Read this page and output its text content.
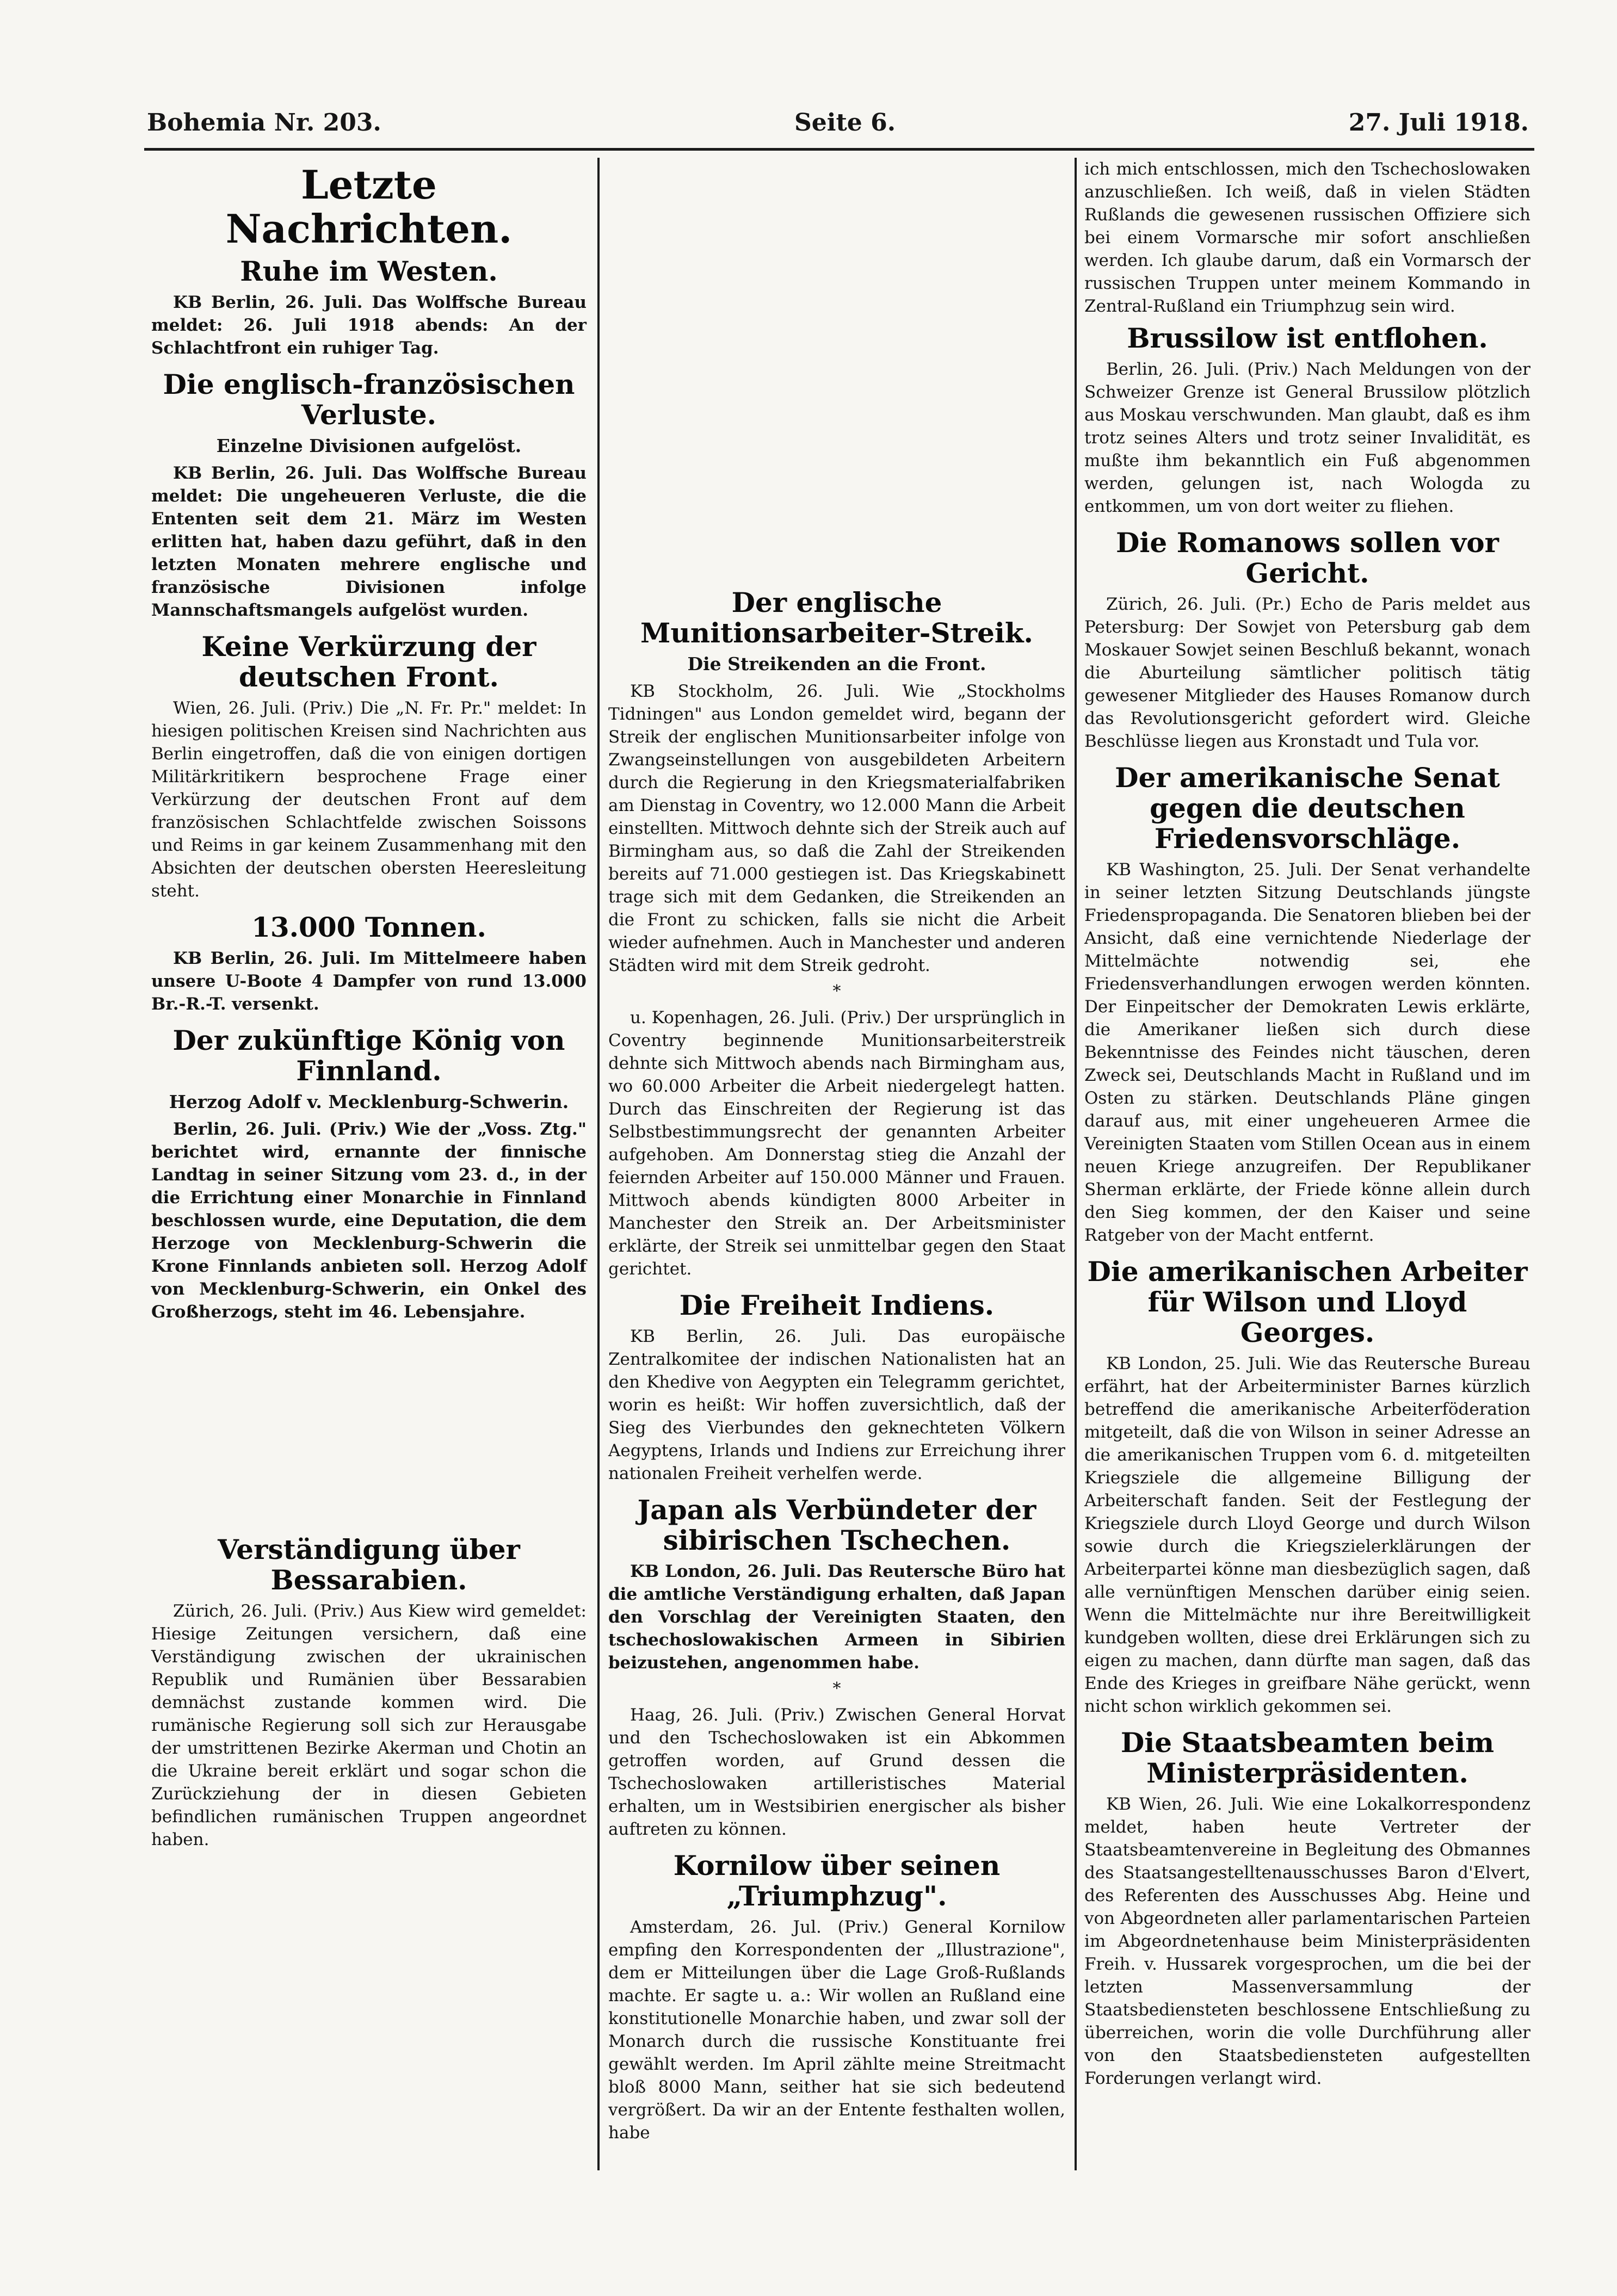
Bohemia Nr. 203.	Seite 6.	27. Juli 1918.
Letzte Nachrichten.
Ruhe im Westen.

KB Berlin, 26. Juli. Das Wolffsche Bureau meldet: 26. Juli 1918 abends: An der Schlachtfront ein ruhiger Tag.

Die englisch-französischen Verluste.
Einzelne Divisionen aufgelöst.

KB Berlin, 26. Juli. Das Wolffsche Bureau meldet: Die ungeheueren Verluste, die die Ententen seit dem 21. März im Westen erlitten hat, haben dazu geführt, daß in den letzten Monaten mehrere englische und französische Divisionen infolge Mannschaftsmangels aufgelöst wurden.

Keine Verkürzung der deutschen Front.

Wien, 26. Juli. (Priv.) Die „N. Fr. Pr." meldet: In hiesigen politischen Kreisen sind Nachrichten aus Berlin eingetroffen, daß die von einigen dortigen Militärkritikern besprochene Frage einer Verkürzung der deutschen Front auf dem französischen Schlachtfelde zwischen Soissons und Reims in gar keinem Zusammenhang mit den Absichten der deutschen obersten Heeresleitung steht.

13.000 Tonnen.

KB Berlin, 26. Juli. Im Mittelmeere haben unsere U-Boote 4 Dampfer von rund 13.000 Br.-R.-T. versenkt.

Der zukünftige König von Finnland.
Herzog Adolf v. Mecklenburg-Schwerin.

Berlin, 26. Juli. (Priv.) Wie der „Voss. Ztg." berichtet wird, ernannte der finnische Landtag in seiner Sitzung vom 23. d., in der die Errichtung einer Monarchie in Finnland beschlossen wurde, eine Deputation, die dem Herzoge von Mecklenburg-Schwerin die Krone Finnlands anbieten soll. Herzog Adolf von Mecklenburg-Schwerin, ein Onkel des Großherzogs, steht im 46. Lebensjahre.

Verständigung über Bessarabien.

Zürich, 26. Juli. (Priv.) Aus Kiew wird gemeldet: Hiesige Zeitungen versichern, daß eine Verständigung zwischen der ukrainischen Republik und Rumänien über Bessarabien demnächst zustande kommen wird. Die rumänische Regierung soll sich zur Herausgabe der umstrittenen Bezirke Akerman und Chotin an die Ukraine bereit erklärt und sogar schon die Zurückziehung der in diesen Gebieten befindlichen rumänischen Truppen angeordnet haben.

Der englische Munitionsarbeiter-Streik.
Die Streikenden an die Front.

KB Stockholm, 26. Juli. Wie „Stockholms Tidningen" aus London gemeldet wird, begann der Streik der englischen Munitionsarbeiter infolge von Zwangseinstellungen von ausgebildeten Arbeitern durch die Regierung in den Kriegsmaterialfabriken am Dienstag in Coventry, wo 12.000 Mann die Arbeit einstellten. Mittwoch dehnte sich der Streik auch auf Birmingham aus, so daß die Zahl der Streikenden bereits auf 71.000 gestiegen ist. Das Kriegskabinett trage sich mit dem Gedanken, die Streikenden an die Front zu schicken, falls sie nicht die Arbeit wieder aufnehmen. Auch in Manchester und anderen Städten wird mit dem Streik gedroht.

*

u. Kopenhagen, 26. Juli. (Priv.) Der ursprünglich in Coventry beginnende Munitionsarbeiterstreik dehnte sich Mittwoch abends nach Birmingham aus, wo 60.000 Arbeiter die Arbeit niedergelegt hatten. Durch das Einschreiten der Regierung ist das Selbstbestimmungsrecht der genannten Arbeiter aufgehoben. Am Donnerstag stieg die Anzahl der feiernden Arbeiter auf 150.000 Männer und Frauen. Mittwoch abends kündigten 8000 Arbeiter in Manchester den Streik an. Der Arbeitsminister erklärte, der Streik sei unmittelbar gegen den Staat gerichtet.

Die Freiheit Indiens.

KB Berlin, 26. Juli. Das europäische Zentralkomitee der indischen Nationalisten hat an den Khedive von Aegypten ein Telegramm gerichtet, worin es heißt: Wir hoffen zuversichtlich, daß der Sieg des Vierbundes den geknechteten Völkern Aegyptens, Irlands und Indiens zur Erreichung ihrer nationalen Freiheit verhelfen werde.

Japan als Verbündeter der sibirischen Tschechen.

KB London, 26. Juli. Das Reutersche Büro hat die amtliche Verständigung erhalten, daß Japan den Vorschlag der Vereinigten Staaten, den tschechoslowakischen Armeen in Sibirien beizustehen, angenommen habe.

*

Haag, 26. Juli. (Priv.) Zwischen General Horvat und den Tschechoslowaken ist ein Abkommen getroffen worden, auf Grund dessen die Tschechoslowaken artilleristisches Material erhalten, um in Westsibirien energischer als bisher auftreten zu können.

Kornilow über seinen „Triumphzug".

Amsterdam, 26. Jul. (Priv.) General Kornilow empfing den Korrespondenten der „Illustrazione", dem er Mitteilungen über die Lage Groß-Rußlands machte. Er sagte u. a.: Wir wollen an Rußland eine konstitutionelle Monarchie haben, und zwar soll der Monarch durch die russische Konstituante frei gewählt werden. Im April zählte meine Streitmacht bloß 8000 Mann, seither hat sie sich bedeutend vergrößert. Da wir an der Entente festhalten wollen, habe

ich mich entschlossen, mich den Tschechoslowaken anzuschließen. Ich weiß, daß in vielen Städten Rußlands die gewesenen russischen Offiziere sich bei einem Vormarsche mir sofort anschließen werden. Ich glaube darum, daß ein Vormarsch der russischen Truppen unter meinem Kommando in Zentral-Rußland ein Triumphzug sein wird.

Brussilow ist entflohen.

Berlin, 26. Juli. (Priv.) Nach Meldungen von der Schweizer Grenze ist General Brussilow plötzlich aus Moskau verschwunden. Man glaubt, daß es ihm trotz seines Alters und trotz seiner Invalidität, es mußte ihm bekanntlich ein Fuß abgenommen werden, gelungen ist, nach Wologda zu entkommen, um von dort weiter zu fliehen.

Die Romanows sollen vor Gericht.

Zürich, 26. Juli. (Pr.) Echo de Paris meldet aus Petersburg: Der Sowjet von Petersburg gab dem Moskauer Sowjet seinen Beschluß bekannt, wonach die Aburteilung sämtlicher politisch tätig gewesener Mitglieder des Hauses Romanow durch das Revolutionsgericht gefordert wird. Gleiche Beschlüsse liegen aus Kronstadt und Tula vor.

Der amerikanische Senat gegen die deutschen Friedensvorschläge.

KB Washington, 25. Juli. Der Senat verhandelte in seiner letzten Sitzung Deutschlands jüngste Friedenspropaganda. Die Senatoren blieben bei der Ansicht, daß eine vernichtende Niederlage der Mittelmächte notwendig sei, ehe Friedensverhandlungen erwogen werden könnten. Der Einpeitscher der Demokraten Lewis erklärte, die Amerikaner ließen sich durch diese Bekenntnisse des Feindes nicht täuschen, deren Zweck sei, Deutschlands Macht in Rußland und im Osten zu stärken. Deutschlands Pläne gingen darauf aus, mit einer ungeheueren Armee die Vereinigten Staaten vom Stillen Ocean aus in einem neuen Kriege anzugreifen. Der Republikaner Sherman erklärte, der Friede könne allein durch den Sieg kommen, der den Kaiser und seine Ratgeber von der Macht entfernt.

Die amerikanischen Arbeiter für Wilson und Lloyd Georges.

KB London, 25. Juli. Wie das Reutersche Bureau erfährt, hat der Arbeiterminister Barnes kürzlich betreffend die amerikanische Arbeiterföderation mitgeteilt, daß die von Wilson in seiner Adresse an die amerikanischen Truppen vom 6. d. mitgeteilten Kriegsziele die allgemeine Billigung der Arbeiterschaft fanden. Seit der Festlegung der Kriegsziele durch Lloyd George und durch Wilson sowie durch die Kriegszielerklärungen der Arbeiterpartei könne man diesbezüglich sagen, daß alle vernünftigen Menschen darüber einig seien. Wenn die Mittelmächte nur ihre Bereitwilligkeit kundgeben wollten, diese drei Erklärungen sich zu eigen zu machen, dann dürfte man sagen, daß das Ende des Krieges in greifbare Nähe gerückt, wenn nicht schon wirklich gekommen sei.

Die Staatsbeamten beim Ministerpräsidenten.

KB Wien, 26. Juli. Wie eine Lokalkorrespondenz meldet, haben heute Vertreter der Staatsbeamtenvereine in Begleitung des Obmannes des Staatsangestelltenausschusses Baron d'Elvert, des Referenten des Ausschusses Abg. Heine und von Abgeordneten aller parlamentarischen Parteien im Abgeordnetenhause beim Ministerpräsidenten Freih. v. Hussarek vorgesprochen, um die bei der letzten Massenversammlung der Staatsbediensteten beschlossene Entschließung zu überreichen, worin die volle Durchführung aller von den Staatsbediensteten aufgestellten Forderungen verlangt wird.
